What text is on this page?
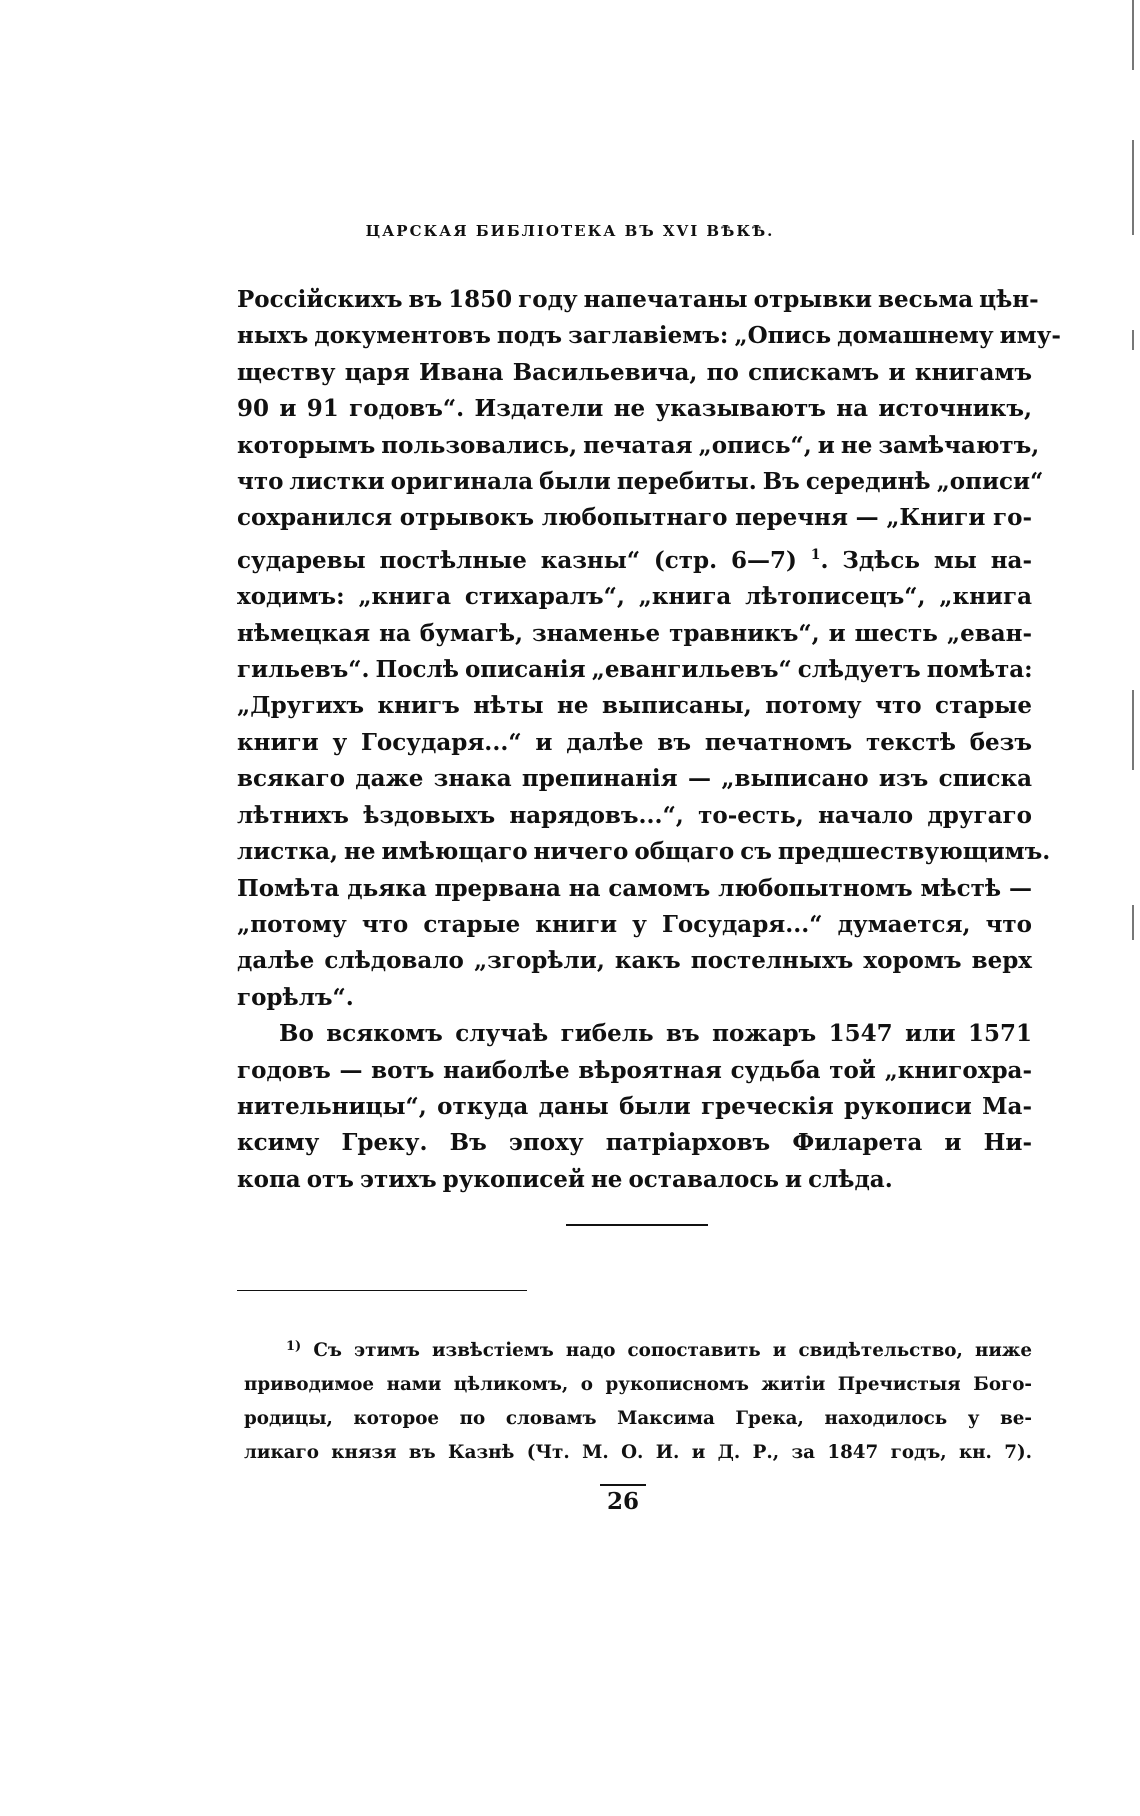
ЦАРСКАЯ БИБЛІОТЕКА ВЪ XVI ВѢКѢ.
Россійскихъ въ 1850 году напечатаны отрывки весьма цѣн-
ныхъ документовъ подъ заглавіемъ: „Опись домашнему иму-
ществу царя Ивана Васильевича, по спискамъ и книгамъ
90 и 91 годовъ“. Издатели не указываютъ на источникъ,
которымъ пользовались, печатая „опись“, и не замѣчаютъ,
что листки оригинала были перебиты. Въ серединѣ „описи“
сохранился отрывокъ любопытнаго перечня — „Книги го-
сударевы постѣлные казны“ (стр. 6—7) $^1$. Здѣсь мы на-
ходимъ: „книга стихаралъ“, „книга лѣтописецъ“, „книга
нѣмецкая на бумагѣ, знаменье травникъ“, и шесть „еван-
гильевъ“. Послѣ описанія „евангильевъ“ слѣдуетъ помѣта:
„Другихъ книгъ нѣты не выписаны, потому что старые
книги у Государя...“ и далѣе въ печатномъ текстѣ безъ
всякаго даже знака препинанія — „выписано изъ списка
лѣтнихъ ѣздовыхъ нарядовъ...“, то-есть, начало другаго
листка, не имѣющаго ничего общаго съ предшествующимъ.
Помѣта дьяка прервана на самомъ любопытномъ мѣстѣ —
„потому что старые книги у Государя...“ думается, что
далѣе слѣдовало „згорѣли, какъ постелныхъ хоромъ верх
горѣлъ“.
Во всякомъ случаѣ гибель въ пожаръ 1547 или 1571
годовъ — вотъ наиболѣе вѣроятная судьба той „книгохра-
нительницы“, откуда даны были греческія рукописи Ма-
ксиму Греку. Въ эпоху патріарховъ Филарета и Ни-
копа отъ этихъ рукописей не оставалось и слѣда.
$^{1)}$ Съ этимъ извѣстіемъ надо сопоставить и свидѣтельство, ниже
приводимое нами цѣликомъ, о рукописномъ житіи Пречистыя Бого-
родицы, которое по словамъ Максима Грека, находилось у ве-
ликаго князя въ Казнѣ (Чт. М. О. И. и Д. Р., за 1847 годъ, кн. 7).
26
